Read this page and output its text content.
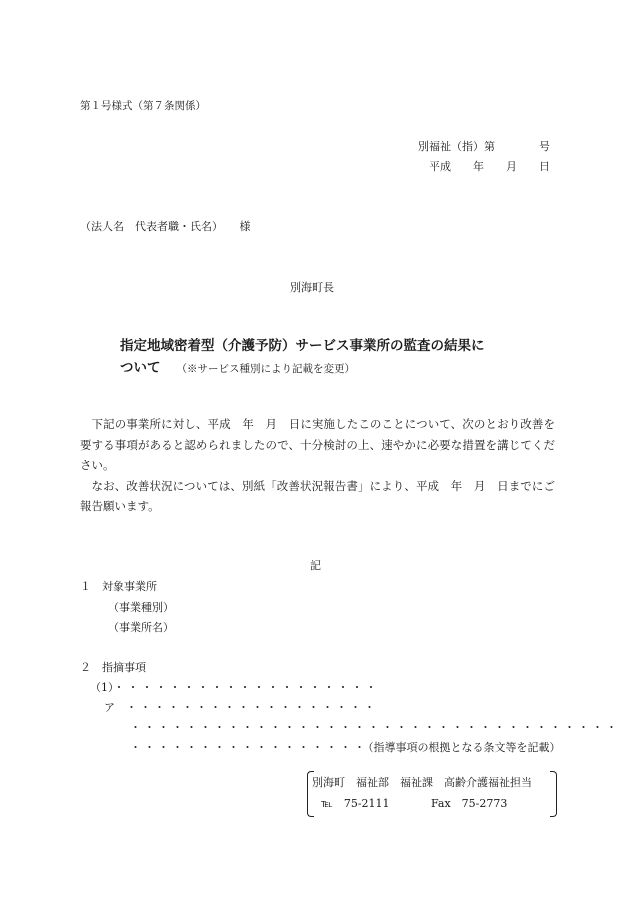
第１号様式（第７条関係）
別福祉（指）第　　　　号
平成　　年　　月　　日
（法人名　代表者職・氏名）　　様
別海町長
指定地域密着型（介護予防）サービス事業所の監査の結果に
ついて （※サービス種別により記載を変更）

下記の事業所に対し、平成　年　月　日に実施したこのことについて、次のとおり改善を要する事項があると認められましたので、十分検討の上、速やかに必要な措置を講じてください。

なお、改善状況については、別紙「改善状況報告書」により、平成　年　月　日までにご報告願います。

記
１　対象事業所
（事業種別）
（事業所名）
２　指摘事項
（1）・・・・・・・・・・・・・・・・・・・
ア　 ・・・・・・・・・・・・・・・・・・
・・・・・・・・・・・・・・・・・・・・・・・・・・・・・・・・・・・
・・・・・・・・・・・・・・・・・（指導事項の根拠となる条文等を記載）
別海町　福祉部　福祉課　高齢介護福祉担当
℡　75-2111	Fax　75-2773
